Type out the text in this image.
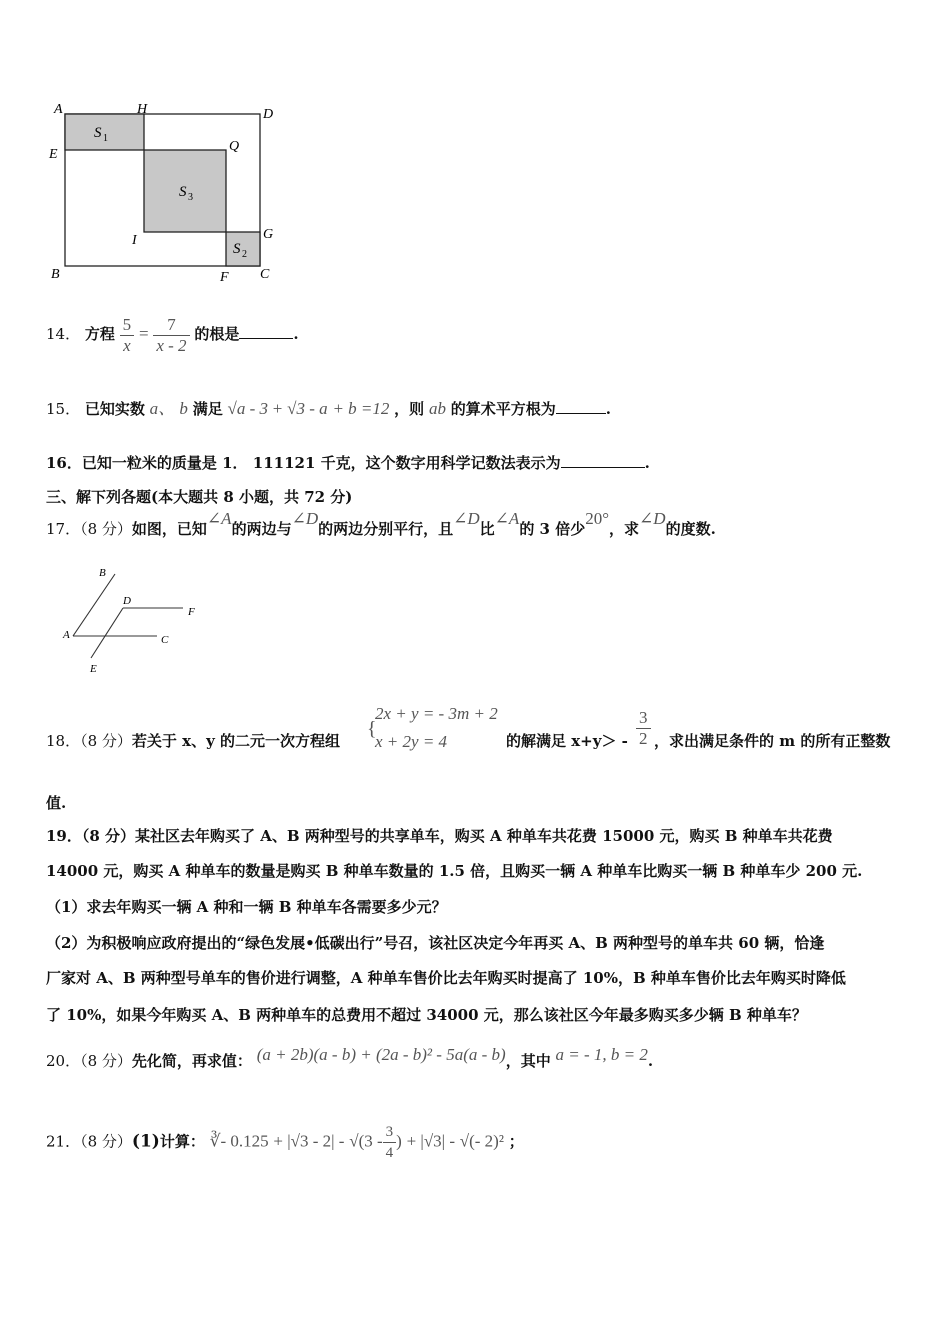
A	H	D
E
Q
I	G
B	F C
S 1
S 3
S 2
14． 方程 $\frac{5}{x} = \frac{7}{x - 2}$ 的根是	.
15． 已知实数 a、 b 满足 √a - 3 + √3 - a + b =12 ，则 ab 的算术平方根为	.
16．已知一粒米的质量是 1． 111121 千克，这个数字用科学记数法表示为	.
三、解下列各题(本大题共 8 小题，共 72 分)
17．（8 分）如图，已知∠A的两边与∠D的两边分别平行，且∠D比∠A的 3 倍少20°，求∠D的度数.
B
D
F
A	C
E
18．（8 分）若关于 x、y 的二元一次方程组
{
2x + y = - 3m + 2
x + 2y = 4	的解满足 $x+y> - \frac{3}{2}$ ，求出满足条件的 m 的所有正整数
值.
19．（8 分）某社区去年购买了 A、B 两种型号的共享单车，购买 A 种单车共花费 15000 元，购买 B 种单车共花费
14000 元，购买 A 种单车的数量是购买 B 种单车数量的 1.5 倍，且购买一辆 A 种单车比购买一辆 B 种单车少 200 元.
（1）求去年购买一辆 A 种和一辆 B 种单车各需要多少元？
（2）为积极响应政府提出的“绿色发展•低碳出行”号召，该社区决定今年再买 A、B 两种型号的单车共 60 辆，恰逢
厂家对 A、B 两种型号单车的售价进行调整，A 种单车售价比去年购买时提高了 10%，B 种单车售价比去年购买时降低
了 10%，如果今年购买 A、B 两种单车的总费用不超过 34000 元，那么该社区今年最多购买多少辆 B 种单车？
20．（8 分）先化简，再求值： (a + 2b)(a - b) + (2a - b)² - 5a(a - b)，其中 a = - 1, b = 2.
21．（8 分）(1)计算： ∛- $0.125 + |√3 - 2| - √(3 - \frac{3}{4}$ ) + |√3| - √(- 2)² ；
